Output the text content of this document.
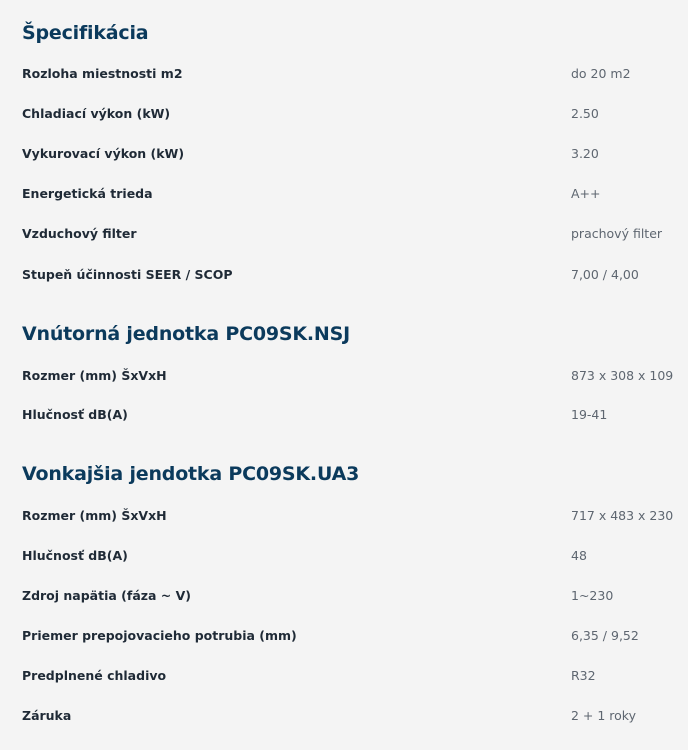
Špecifikácia
Rozloha miestnosti m2	do 20 m2
Chladiací výkon (kW)	2.50
Vykurovací výkon (kW)	3.20
Energetická trieda	A++
Vzduchový filter	prachový filter
Stupeň účinnosti SEER / SCOP	7,00 / 4,00
Vnútorná jednotka PC09SK.NSJ
Rozmer (mm) ŠxVxH	873 x 308 x 109
Hlučnosť dB(A)	19-41
Vonkajšia jendotka PC09SK.UA3
Rozmer (mm) ŠxVxH	717 x 483 x 230
Hlučnosť dB(A)	48
Zdroj napätia (fáza ~ V)	1~230
Priemer prepojovacieho potrubia (mm)	6,35 / 9,52
Predplnené chladivo	R32
Záruka	2 + 1 roky
